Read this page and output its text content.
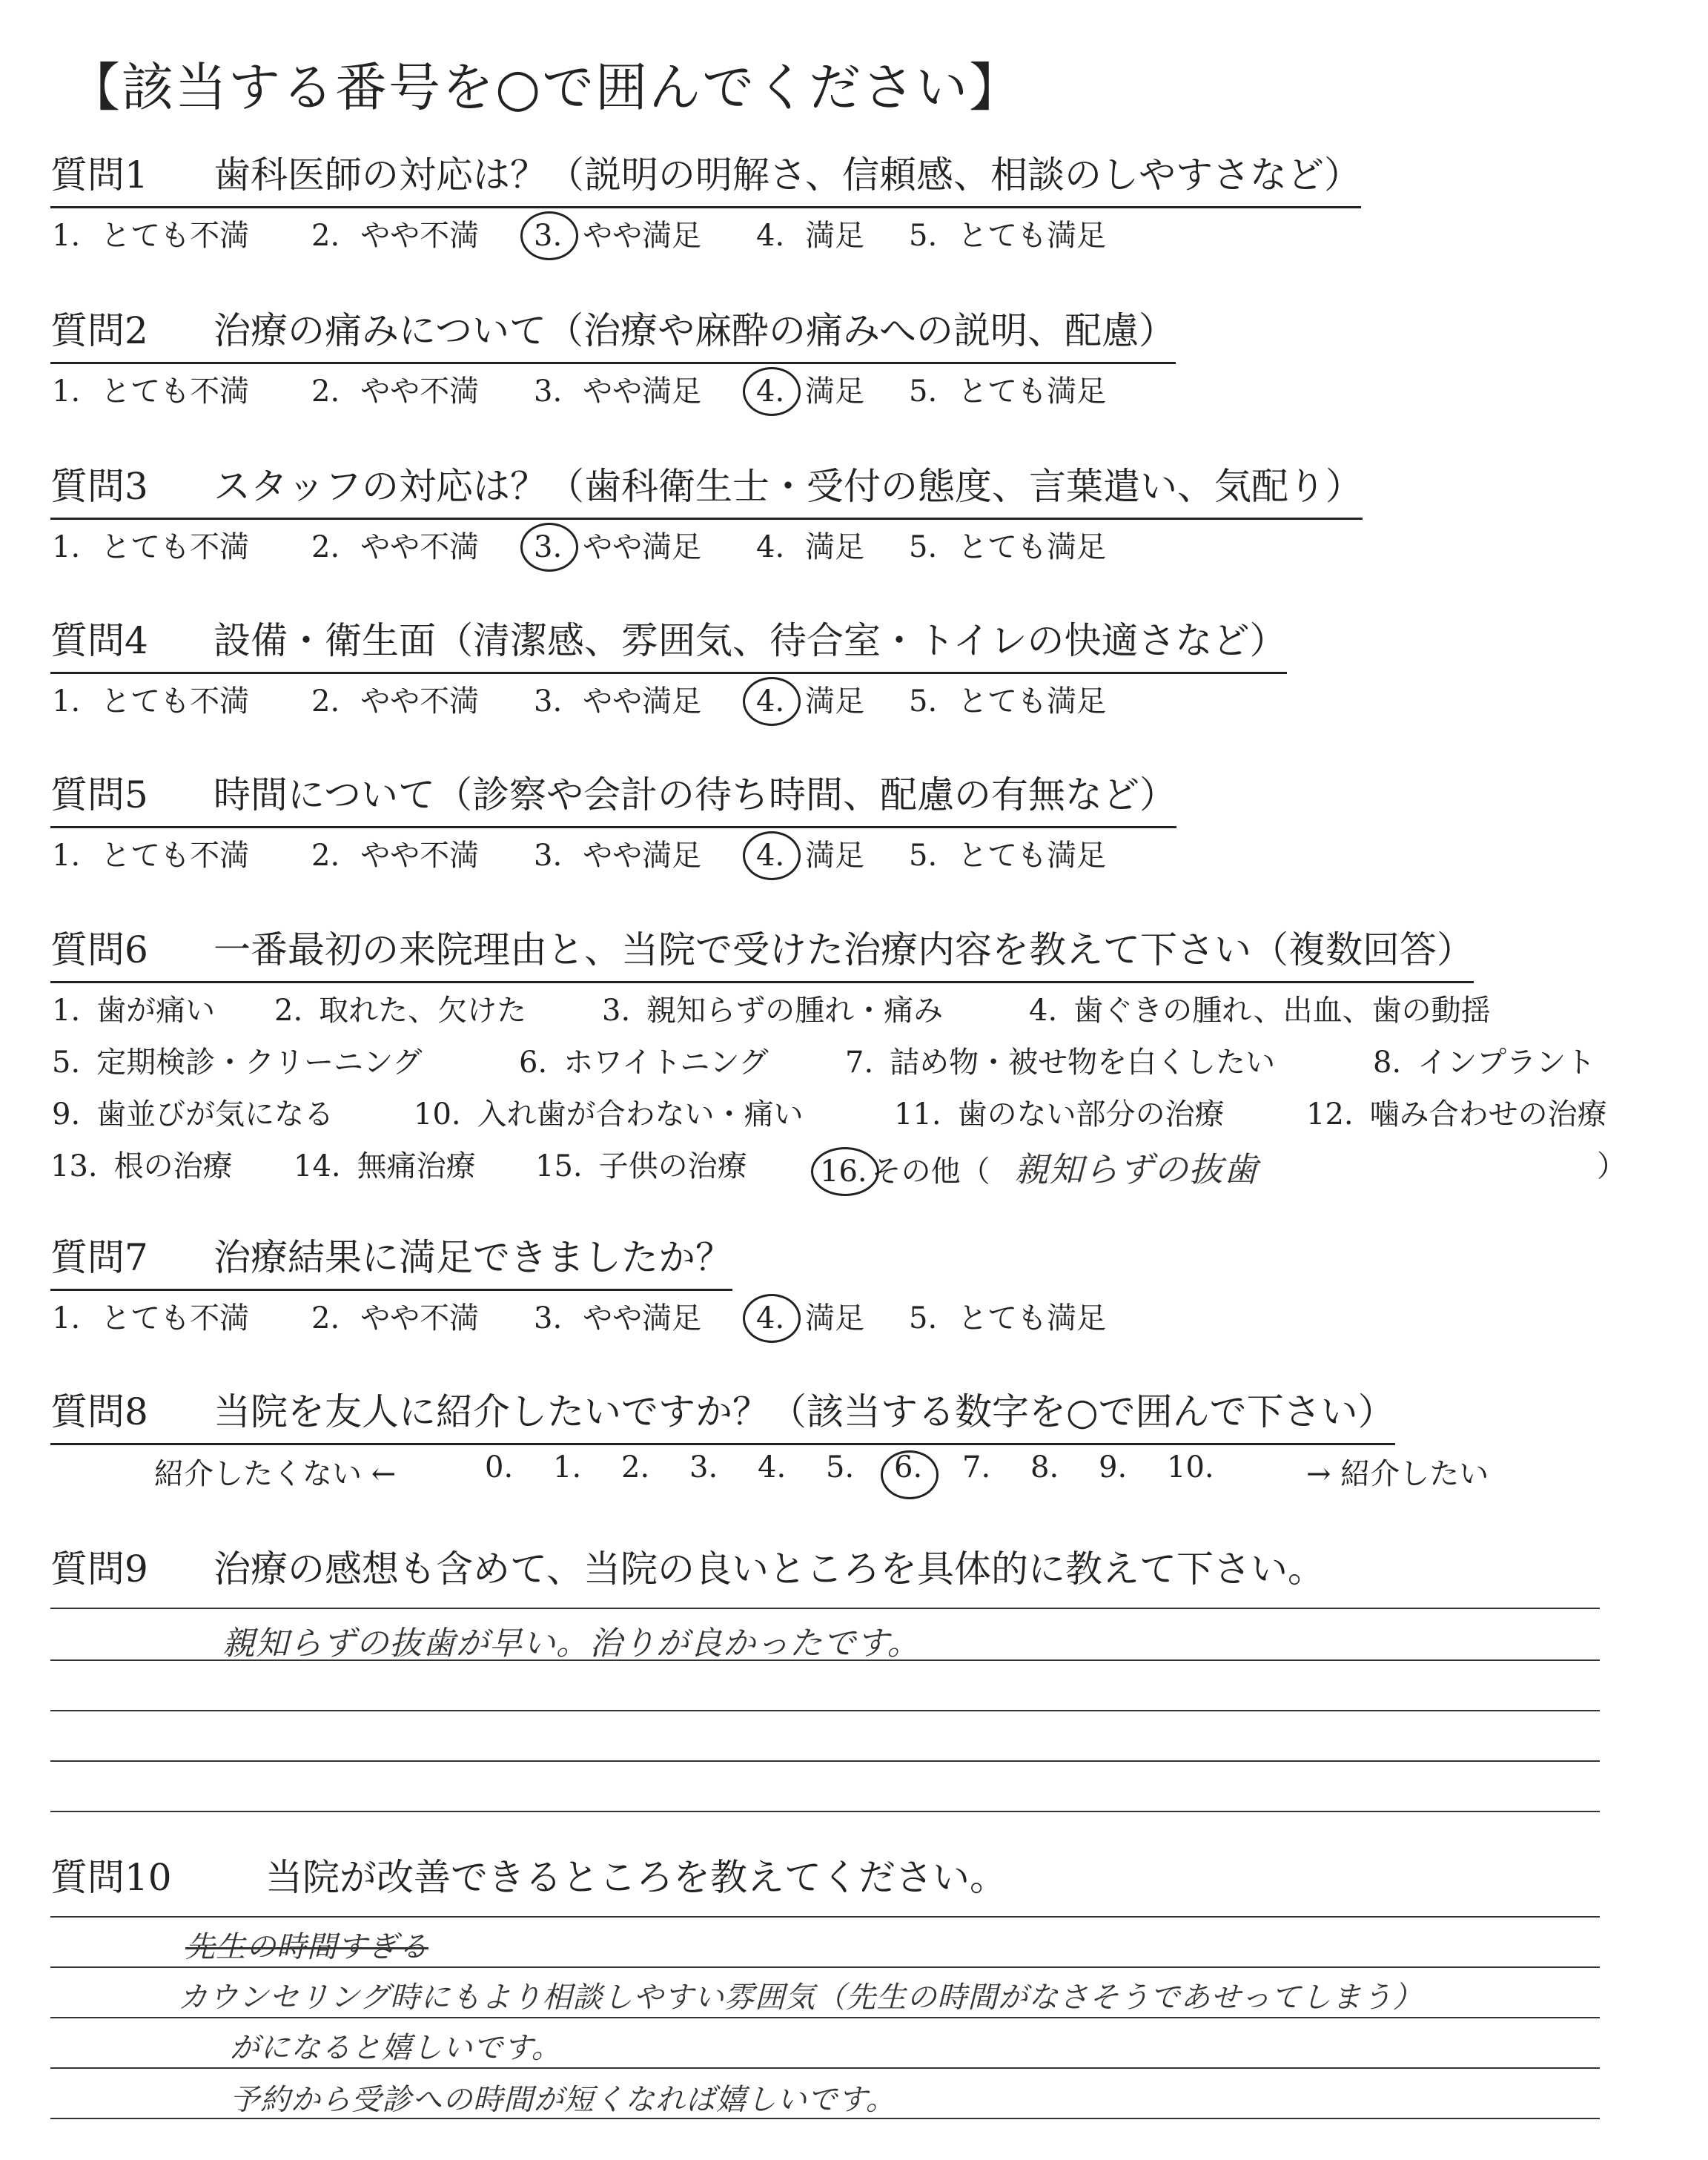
【該当する番号を○で囲んでください】
質問1 歯科医師の対応は？（説明の明解さ、信頼感、相談のしやすさなど）
1. とても不満 2. やや不満 3. やや満足 4. 満足 5. とても満足
質問2 治療の痛みについて（治療や麻酔の痛みへの説明、配慮）
1. とても不満 2. やや不満 3. やや満足 4. 満足 5. とても満足
質問3 スタッフの対応は？（歯科衛生士・受付の態度、言葉遣い、気配り）
1. とても不満 2. やや不満 3. やや満足 4. 満足 5. とても満足
質問4 設備・衛生面（清潔感、雰囲気、待合室・トイレの快適さなど）
1. とても不満 2. やや不満 3. やや満足 4. 満足 5. とても満足
質問5 時間について（診察や会計の待ち時間、配慮の有無など）
1. とても不満 2. やや不満 3. やや満足 4. 満足 5. とても満足
質問6 一番最初の来院理由と、当院で受けた治療内容を教えて下さい（複数回答）
1. 歯が痛い 2. 取れた、欠けた	3. 親知らずの腫れ・痛み	4. 歯ぐきの腫れ、出血、歯の動揺
5. 定期検診・クリーニング	6. ホワイトニング	7. 詰め物・被せ物を白くしたい	8. インプラント
9. 歯並びが気になる	10. 入れ歯が合わない・痛い	11. 歯のない部分の治療	12. 噛み合わせの治療
13. 根の治療 14. 無痛治療 15. 子供の治療 16. その他（ 親知らずの抜歯	）
質問7 治療結果に満足できましたか？
1. とても不満 2. やや不満 3. やや満足 4. 満足 5. とても満足
質問8 当院を友人に紹介したいですか？（該当する数字を○で囲んで下さい）
紹介したくない ←	0. 1. 2. 3. 4. 5. 6. 7. 8. 9. 10.	→ 紹介したい
質問9 治療の感想も含めて、当院の良いところを具体的に教えて下さい。
親知らずの抜歯が早い。治りが良かったです。
質問10	当院が改善できるところを教えてください。
先生の時間すぎる
カウンセリング時にもより相談しやすい雰囲気（先生の時間がなさそうであせってしまう）
がになると嬉しいです。
予約から受診への時間が短くなれば嬉しいです。
